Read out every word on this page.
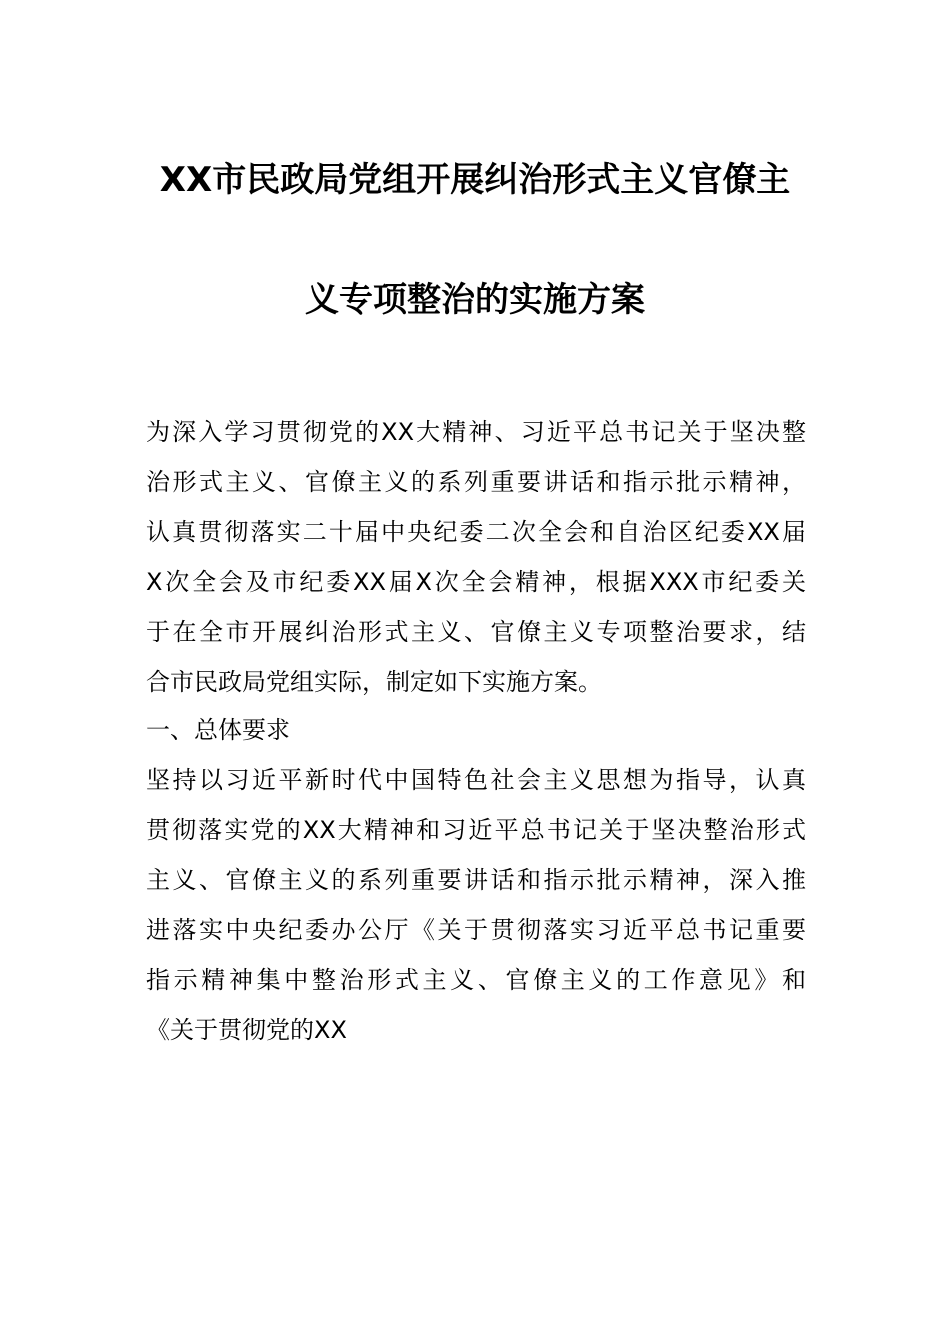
XX市民政局党组开展纠治形式主义官僚主
义专项整治的实施方案
为深入学习贯彻党的XX大精神、习近平总书记关于坚决整
治形式主义、官僚主义的系列重要讲话和指示批示精神，
认真贯彻落实二十届中央纪委二次全会和自治区纪委XX届
X次全会及市纪委XX届X次全会精神，根据XXX市纪委关
于在全市开展纠治形式主义、官僚主义专项整治要求，结
合市民政局党组实际，制定如下实施方案。
一、总体要求
坚持以习近平新时代中国特色社会主义思想为指导，认真
贯彻落实党的XX大精神和习近平总书记关于坚决整治形式
主义、官僚主义的系列重要讲话和指示批示精神，深入推
进落实中央纪委办公厅《关于贯彻落实习近平总书记重要
指示精神集中整治形式主义、官僚主义的工作意见》和
《关于贯彻党的XX
